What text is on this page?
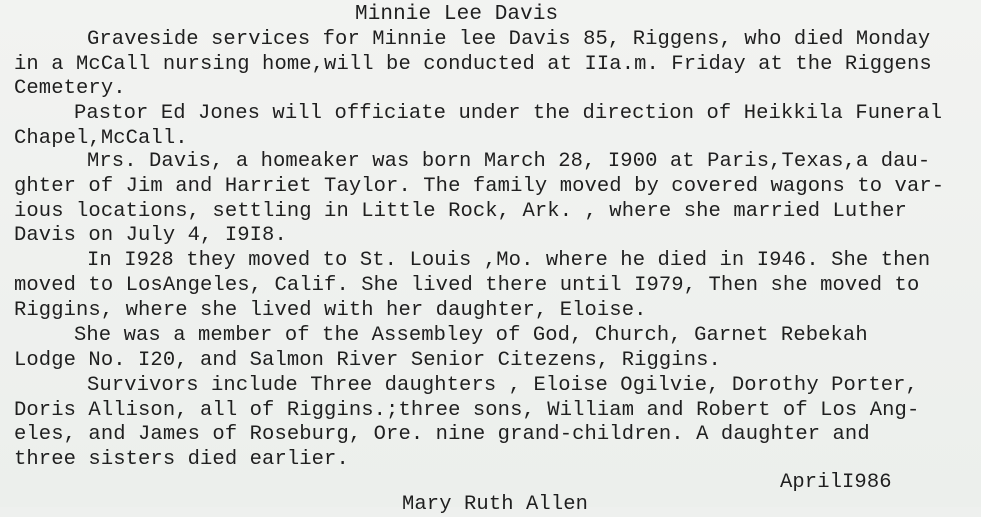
Minnie Lee Davis
Graveside services for Minnie lee Davis 85, Riggens, who died Monday
in a McCall nursing home,will be conducted at IIa.m. Friday at the Riggens
Cemetery.
Pastor Ed Jones will officiate under the direction of Heikkila Funeral
Chapel,McCall.
Mrs. Davis, a homeaker was born March 28, I900 at Paris,Texas,a dau-
ghter of Jim and Harriet Taylor. The family moved by covered wagons to var-
ious locations, settling in Little Rock, Ark. , where she married Luther
Davis on July 4, I9I8.
In I928 they moved to St. Louis ,Mo. where he died in I946. She then
moved to LosAngeles, Calif. She lived there until I979, Then she moved to
Riggins, where she lived with her daughter, Eloise.
She was a member of the Assembley of God, Church, Garnet Rebekah
Lodge No. I20, and Salmon River Senior Citezens, Riggins.
Survivors include Three daughters , Eloise Ogilvie, Dorothy Porter,
Doris Allison, all of Riggins.;three sons, William and Robert of Los Ang-
eles, and James of Roseburg, Ore. nine grand-children. A daughter and
three sisters died earlier.
AprilI986
Mary Ruth Allen
